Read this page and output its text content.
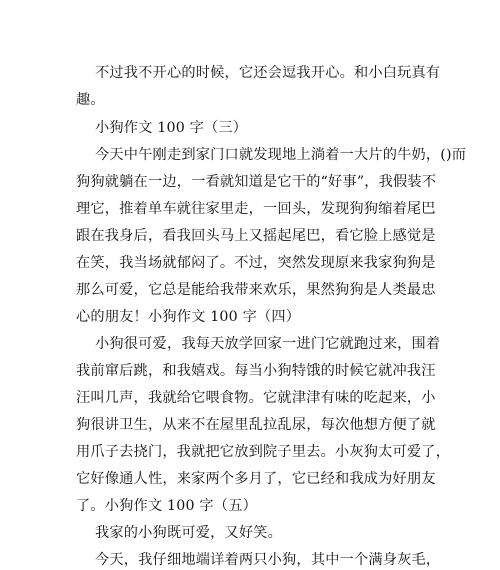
不过我不开心的时候，它还会逗我开心。和小白玩真有
趣。
小狗作文 100 字（三）
今天中午刚走到家门口就发现地上淌着一大片的牛奶，()而
狗狗就躺在一边，一看就知道是它干的“好事”，我假装不
理它，推着单车就往家里走，一回头，发现狗狗缩着尾巴
跟在我身后，看我回头马上又摇起尾巴，看它脸上感觉是
在笑，我当场就郁闷了。不过，突然发现原来我家狗狗是
那么可爱，它总是能给我带来欢乐，果然狗狗是人类最忠
心的朋友！小狗作文 100 字（四）
小狗很可爱，我每天放学回家一进门它就跑过来，围着
我前窜后跳，和我嬉戏。每当小狗特饿的时候它就冲我汪
汪叫几声，我就给它喂食物。它就津津有味的吃起来，小
狗很讲卫生，从来不在屋里乱拉乱尿，每次他想方便了就
用爪子去挠门，我就把它放到院子里去。小灰狗太可爱了，
它好像通人性，来家两个多月了，它已经和我成为好朋友
了。小狗作文 100 字（五）
我家的小狗既可爱，又好笑。
今天，我仔细地端详着两只小狗，其中一个满身灰毛，
